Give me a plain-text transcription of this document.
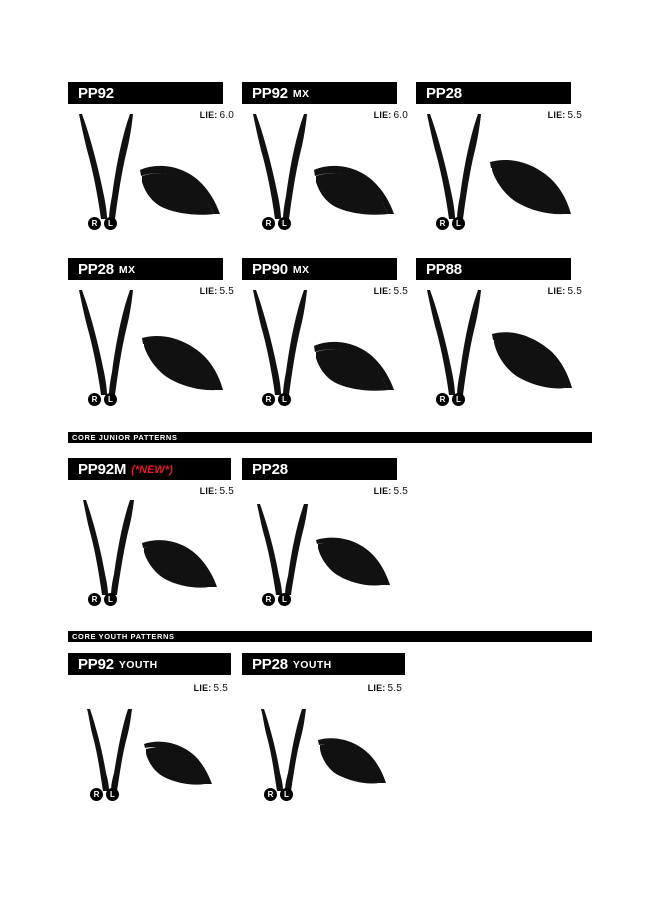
PP92
LIE: 6.0
R	L
PP92 MX
LIE: 6.0
R	L
PP28
LIE: 5.5
R	L
PP28 MX
LIE: 5.5
R	L
PP90 MX
LIE: 5.5
R	L
PP88
LIE: 5.5
R	L
CORE JUNIOR PATTERNS
PP92M (*NEW*)
LIE: 5.5
R	L
PP28
LIE: 5.5
R	L
CORE YOUTH PATTERNS
PP92 YOUTH
LIE: 5.5
R	L
PP28 YOUTH
LIE: 5.5
R	L
